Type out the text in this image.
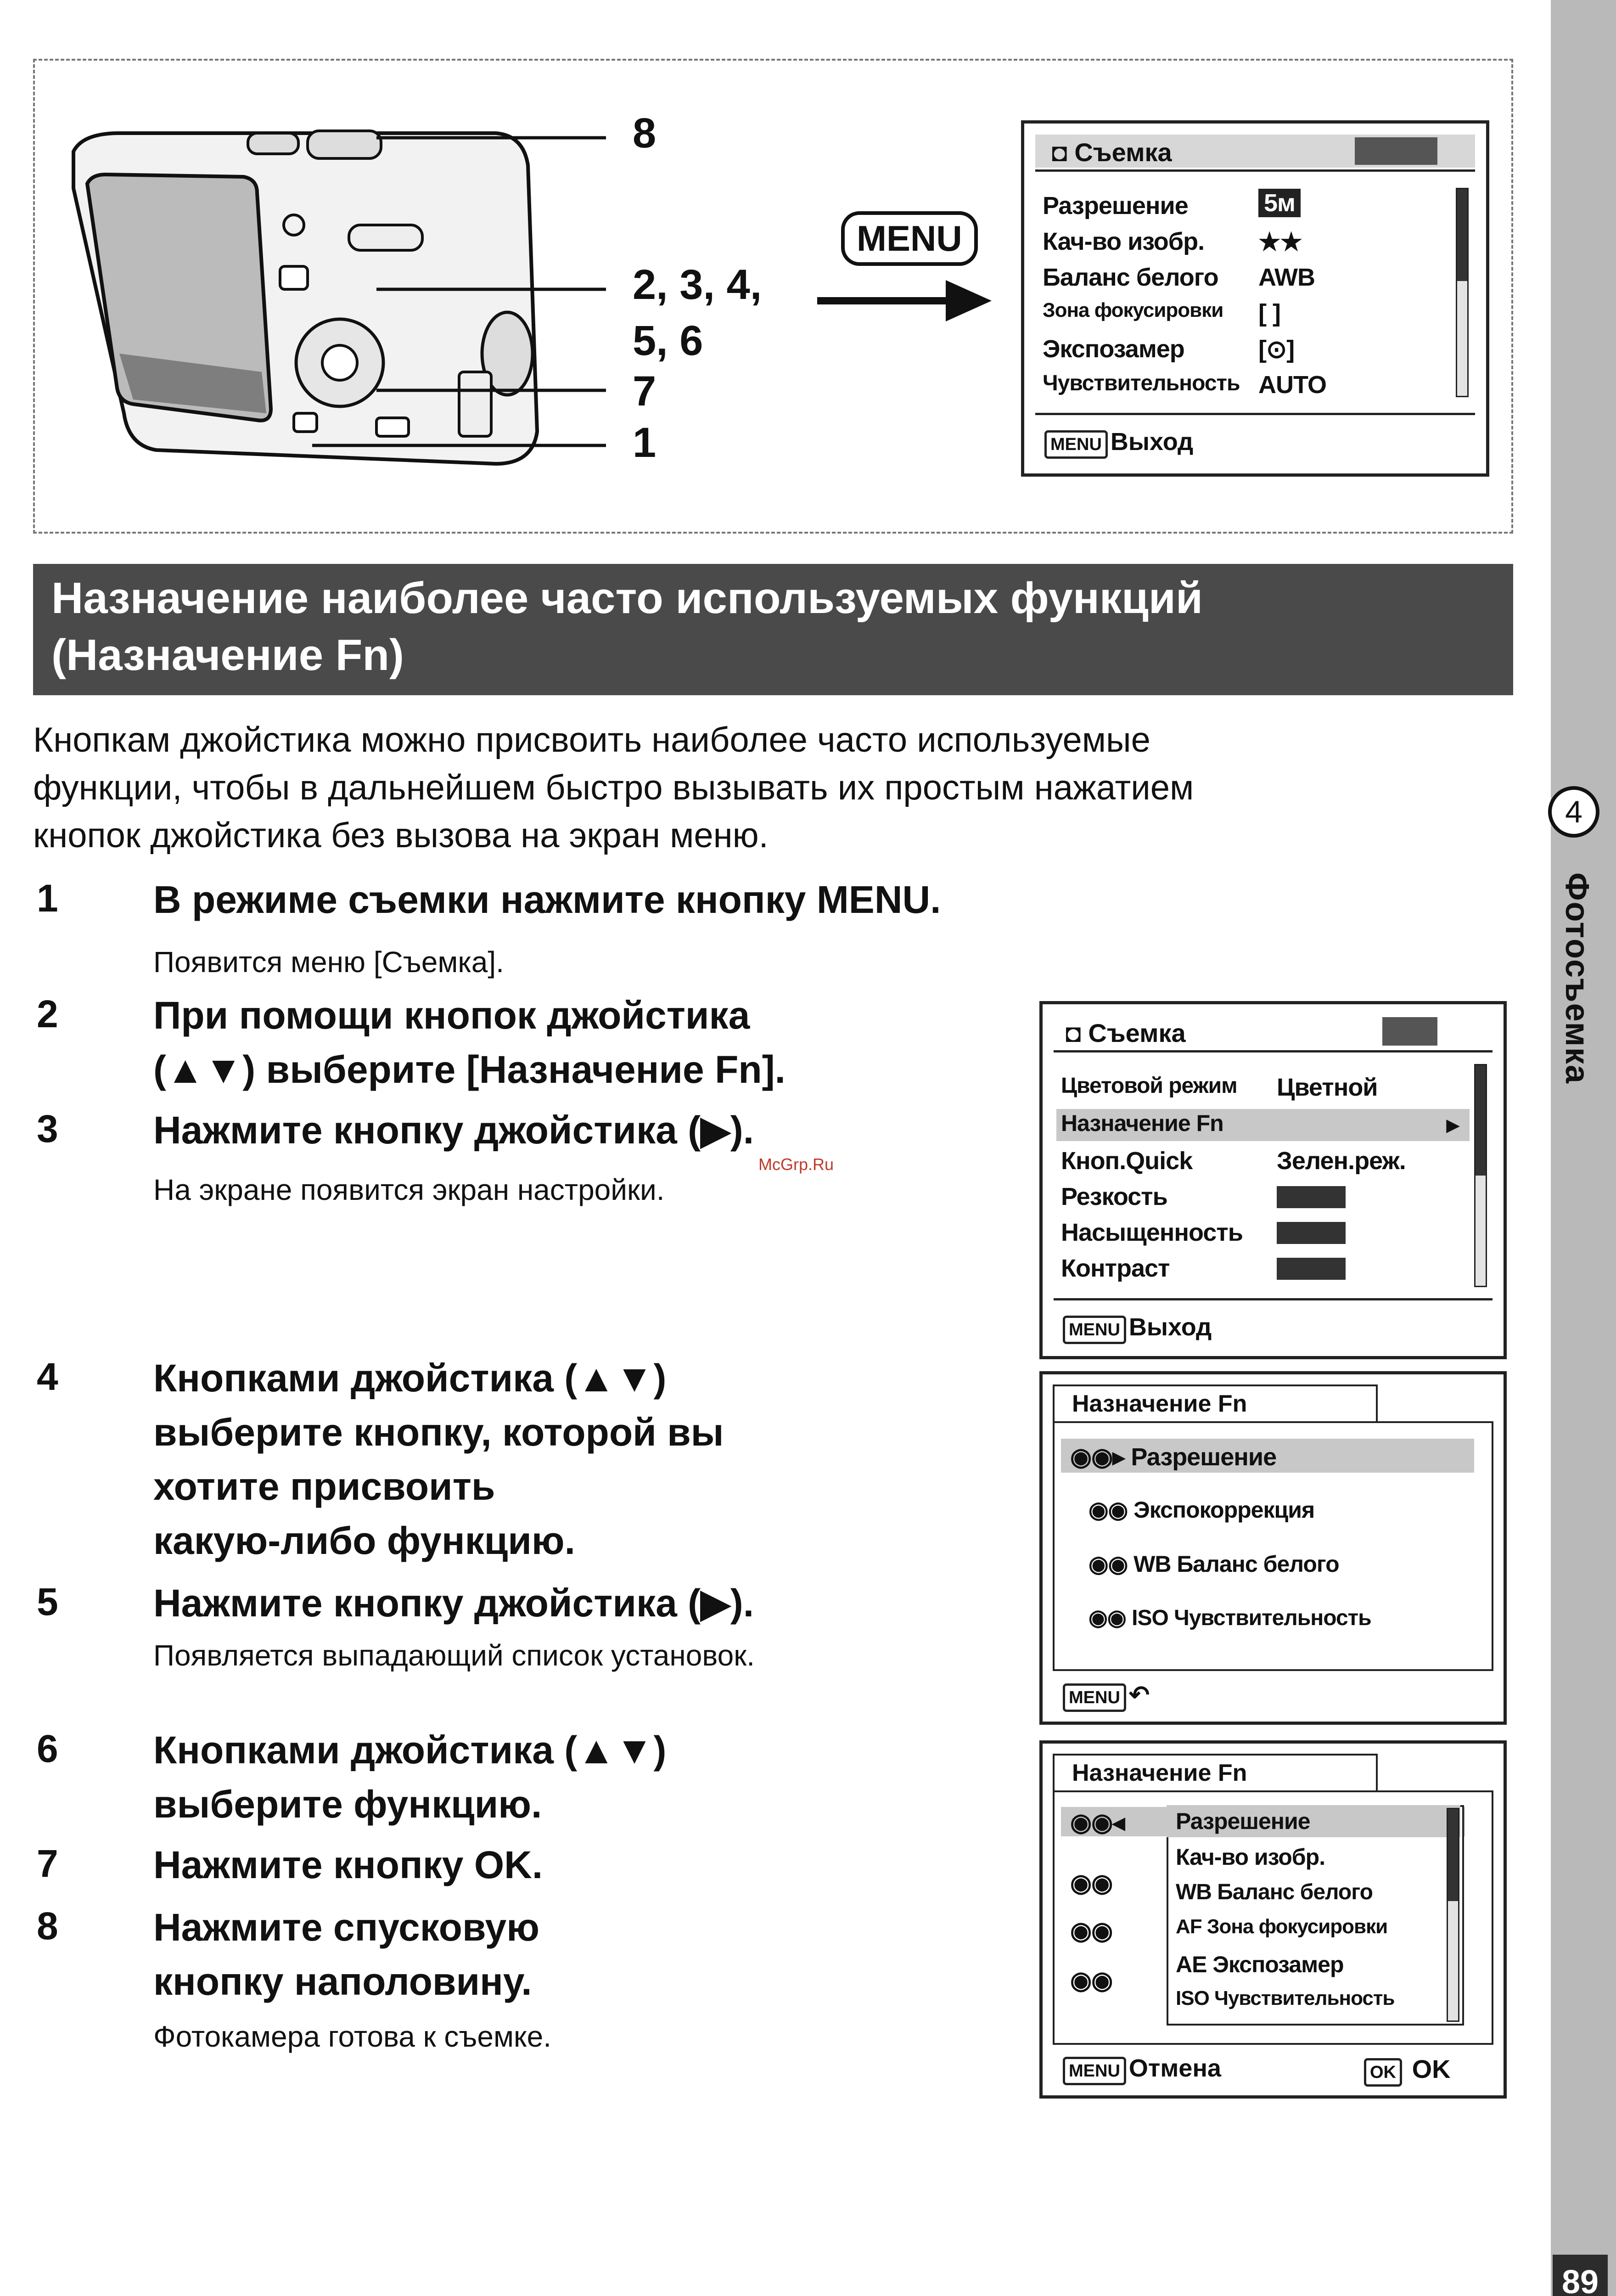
4
Фотосъемка
89
McGrp.Ru
8
2, 3, 4,
5, 6
7
1
MENU
◘ Съемка
Разрешение	5м
Кач-во изобр. ★★
Баланс белого AWB
Зона фокусировки [ ]
Экспозамер	[⊙]
Чувствительность AUTO
MENU Выход
Назначение наиболее часто используемых функций
(Назначение Fn)
Кнопкам джойстика можно присвоить наиболее часто используемые
функции, чтобы в дальнейшем быстро вызывать их простым нажатием
кнопок джойстика без вызова на экран меню.
1 В режиме съемки нажмите кнопку MENU.
Появится меню [Съемка].
2 При помощи кнопок джойстика
(▲▼) выберите [Назначение Fn].
3 Нажмите кнопку джойстика (▶).
На экране появится экран настройки.
4 Кнопками джойстика (▲▼)
выберите кнопку, которой вы
хотите присвоить
какую-либо функцию.
5 Нажмите кнопку джойстика (▶).
Появляется выпадающий список установок.
6 Кнопками джойстика (▲▼)
выберите функцию.
7 Нажмите кнопку OK.
8 Нажмите спусковую
кнопку наполовину.
Фотокамера готова к съемке.
◘ Съемка
Цветовой режим Цветной
Назначение Fn	▸
Кноп.Quick	Зелен.реж.
Резкость
Насыщенность
Контраст
MENU Выход
Назначение Fn
◉◉▸ Разрешение
◉◉ Экспокоррекция
◉◉ WB Баланс белого
◉◉ ISO Чувствительность
MENU ↶
Назначение Fn
◉◉◂
◉◉
◉◉
◉◉
Разрешение
Кач-во изобр.
WB Баланс белого
AF Зона фокусировки
AE Экспозамер
ISO Чувствительность
MENU Отмена	OK OK
